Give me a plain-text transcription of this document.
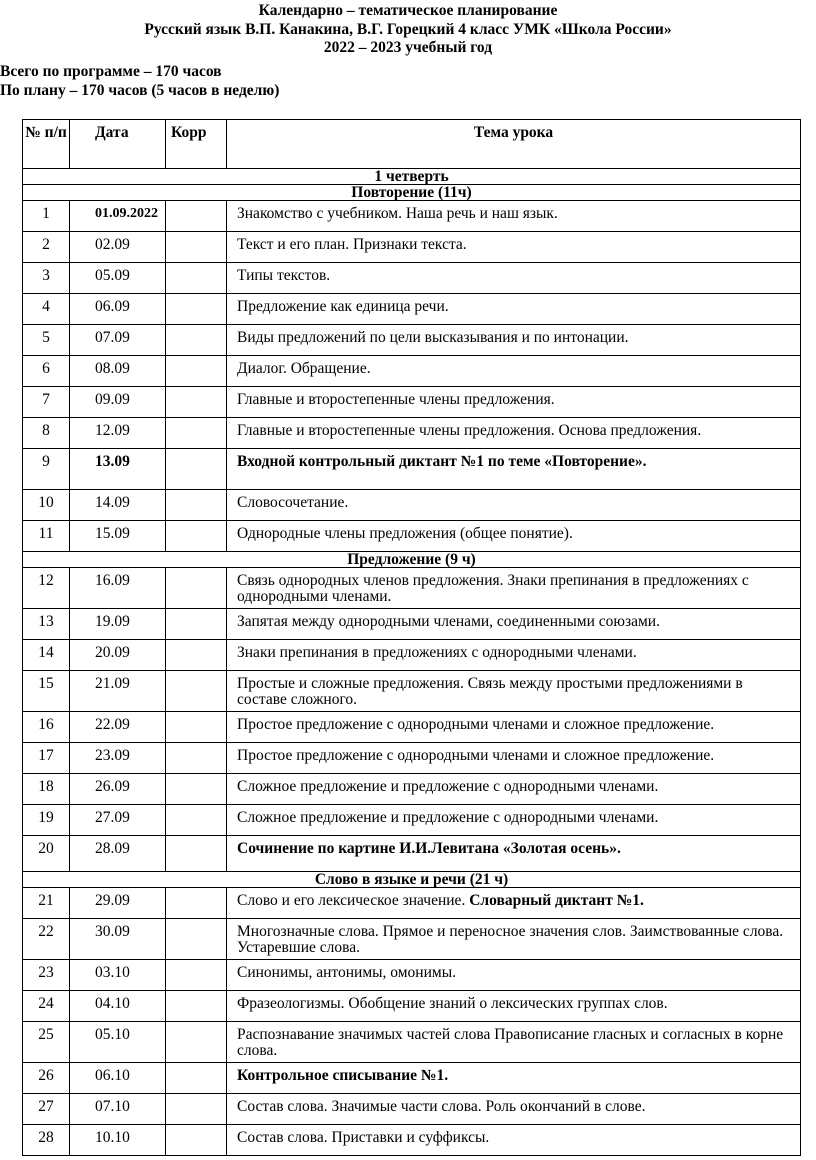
Календарно – тематическое планирование
Русский язык В.П. Канакина, В.Г. Горецкий 4 класс УМК «Школа России»
2022 – 2023 учебный год
Всего по программе – 170 часов
По плану – 170 часов (5 часов в неделю)
№ п/п	Дата	Корр	Тема урока
1 четверть			
Повторение (11ч)			
1	01.09.2022		Знакомство с учебником. Наша речь и наш язык.
2	02.09		Текст и его план. Признаки текста.
3	05.09		Типы текстов.
4	06.09		Предложение как единица речи.
5	07.09		Виды предложений по цели высказывания и по интонации.
6	08.09		Диалог. Обращение.
7	09.09		Главные и второстепенные члены предложения.
8	12.09		Главные и второстепенные члены предложения. Основа предложения.
9	13.09		Входной контрольный диктант №1 по теме «Повторение».
10	14.09		Словосочетание.
11	15.09		Однородные члены предложения (общее понятие).
Предложение (9 ч)			
12	16.09		Связь однородных членов предложения. Знаки препинания в предложениях с однородными членами.
13	19.09		Запятая между однородными членами, соединенными союзами.
14	20.09		Знаки препинания в предложениях с однородными членами.
15	21.09		Простые и сложные предложения. Связь между простыми предложениями в составе сложного.
16	22.09		Простое предложение с однородными членами и сложное предложение.
17	23.09		Простое предложение с однородными членами и сложное предложение.
18	26.09		Сложное предложение и предложение с однородными членами.
19	27.09		Сложное предложение и предложение с однородными членами.
20	28.09		Сочинение по картине И.И.Левитана «Золотая осень».
Слово в языке и речи (21 ч)			
21	29.09		Слово и его лексическое значение. Словарный диктант №1.
22	30.09		Многозначные слова. Прямое и переносное значения слов. Заимствованные слова. Устаревшие слова.
23	03.10		Синонимы, антонимы, омонимы.
24	04.10		Фразеологизмы. Обобщение знаний о лексических группах слов.
25	05.10		Распознавание значимых частей слова Правописание гласных и согласных в корне слова.
26	06.10		Контрольное списывание №1.
27	07.10		Состав слова. Значимые части слова. Роль окончаний в слове.
28	10.10		Состав слова. Приставки и суффиксы.
